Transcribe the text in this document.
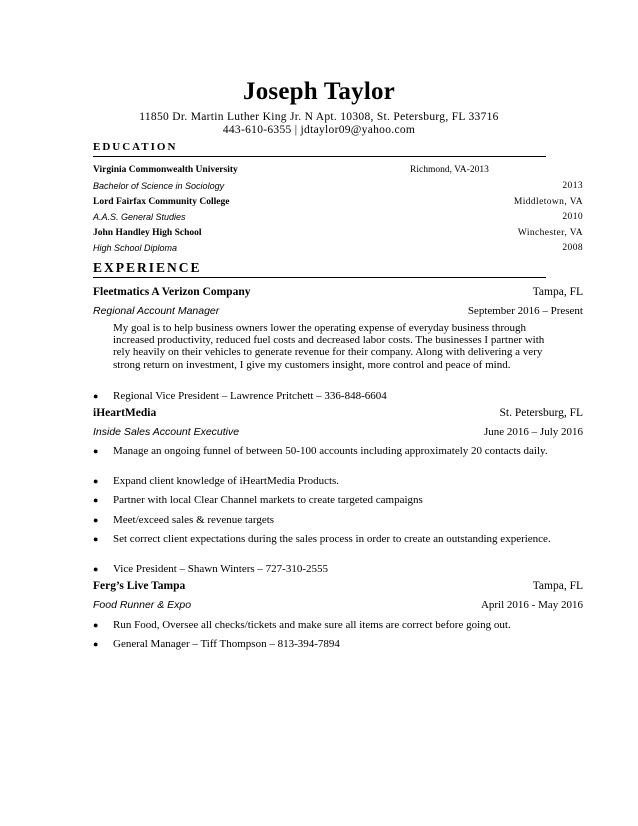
Joseph Taylor
11850 Dr. Martin Luther King Jr. N Apt. 10308, St. Petersburg, FL 33716
443-610-6355 | jdtaylor09@yahoo.com
EDUCATION
Virginia Commonwealth University	Richmond, VA-2013
Bachelor of Science in Sociology	2013
Lord Fairfax Community College	Middletown, VA
A.A.S. General Studies	2010
John Handley High School	Winchester, VA
High School Diploma	2008
EXPERIENCE
Fleetmatics A Verizon Company	Tampa, FL
Regional Account Manager	September 2016 – Present
My goal is to help business owners lower the operating expense of everyday business through increased productivity, reduced fuel costs and decreased labor costs. The businesses I partner with rely heavily on their vehicles to generate revenue for their company. Along with delivering a very strong return on investment, I give my customers insight, more control and peace of mind.
● Regional Vice President – Lawrence Pritchett – 336-848-6604
iHeartMedia	St. Petersburg, FL
Inside Sales Account Executive	June 2016 – July 2016
● Manage an ongoing funnel of between 50-100 accounts including approximately 20 contacts daily.
● Expand client knowledge of iHeartMedia Products.
● Partner with local Clear Channel markets to create targeted campaigns
● Meet/exceed sales & revenue targets
● Set correct client expectations during the sales process in order to create an outstanding experience.
● Vice President – Shawn Winters – 727-310-2555
Ferg’s Live Tampa	Tampa, FL
Food Runner & Expo	April 2016 - May 2016
● Run Food, Oversee all checks/tickets and make sure all items are correct before going out.
● General Manager – Tiff Thompson – 813-394-7894
